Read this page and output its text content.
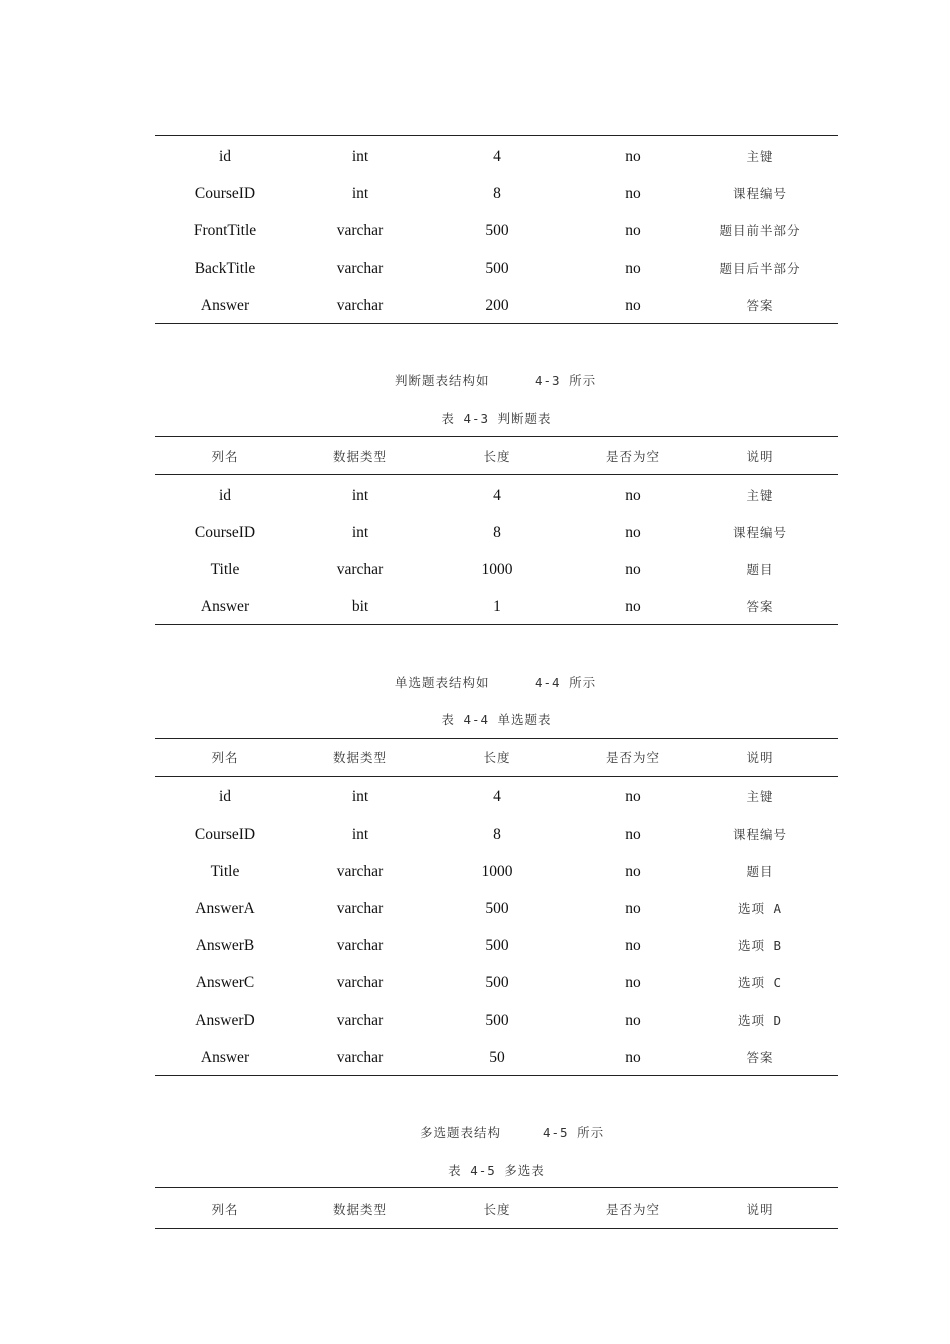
id	int	4	no	主键
CourseID	int	8	no	课程编号
FrontTitle	varchar	500	no	题目前半部分
BackTitle	varchar	500	no	题目后半部分
Answer	varchar	200	no	答案
判断题表结构如	4-3 所示
表 4-3 判断题表
列名	数据类型	长度	是否为空	说明
id	int	4	no	主键
CourseID	int	8	no	课程编号
Title	varchar	1000	no	题目
Answer	bit	1	no	答案
单选题表结构如	4-4 所示
表 4-4 单选题表
列名	数据类型	长度	是否为空	说明
id	int	4	no	主键
CourseID	int	8	no	课程编号
Title	varchar	1000	no	题目
AnswerA	varchar	500	no	选项 A
AnswerB	varchar	500	no	选项 B
AnswerC	varchar	500	no	选项 C
AnswerD	varchar	500	no	选项 D
Answer	varchar	50	no	答案
多选题表结构	4-5 所示
表 4-5 多选表
列名	数据类型	长度	是否为空	说明
